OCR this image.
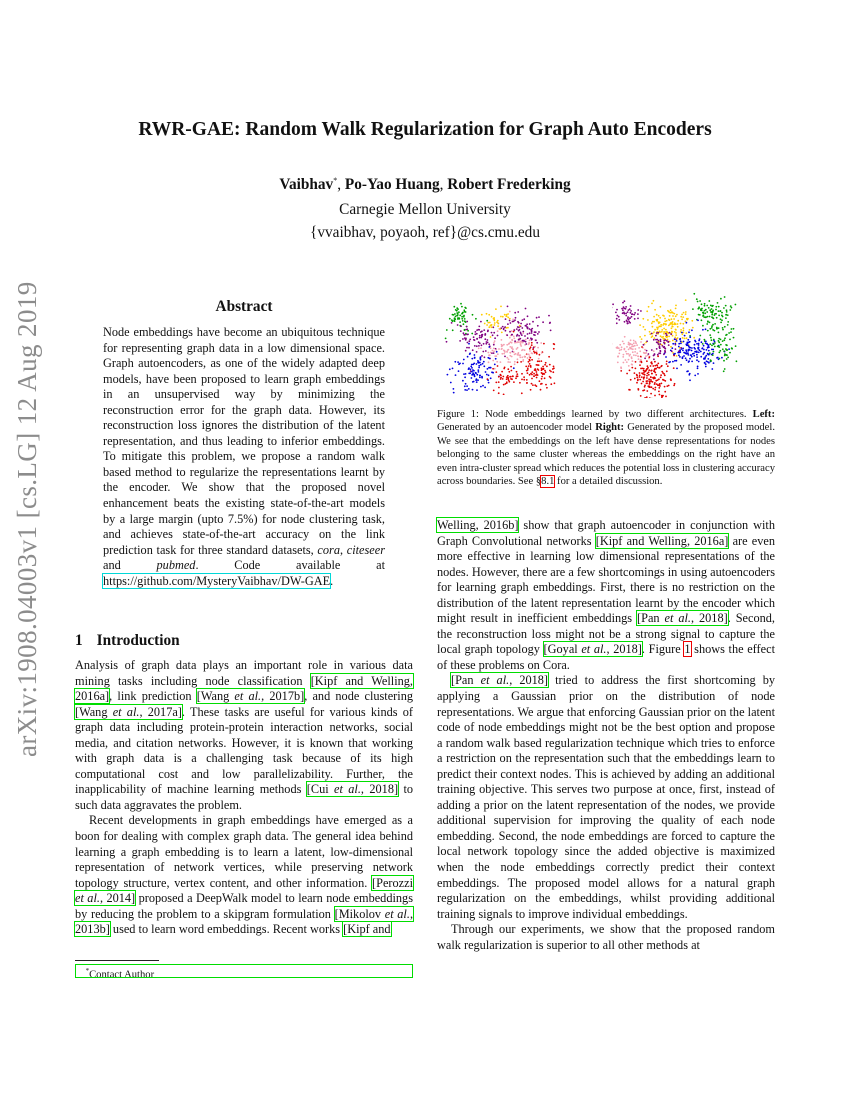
arXiv:1908.04003v1 [cs.LG] 12 Aug 2019
RWR-GAE: Random Walk Regularization for Graph Auto Encoders
Vaibhav*, Po-Yao Huang, Robert Frederking
Carnegie Mellon University
{vvaibhav, poyaoh, ref}@cs.cmu.edu
Abstract
Node embeddings have become an ubiquitous technique for representing graph data in a low dimensional space. Graph autoencoders, as one of the widely adapted deep models, have been proposed to learn graph embeddings in an unsupervised way by minimizing the reconstruction error for the graph data. However, its reconstruction loss ignores the distribution of the latent representation, and thus leading to inferior embeddings. To mitigate this problem, we propose a random walk based method to regularize the representations learnt by the encoder. We show that the proposed novel enhancement beats the existing state-of-the-art models by a large margin (upto 7.5%) for node clustering task, and achieves state-of-the-art accuracy on the link prediction task for three standard datasets, cora, citeseer and pubmed. Code available at https://github.com/MysteryVaibhav/DW-GAE.
1 Introduction

Analysis of graph data plays an important role in various data mining tasks including node classification [Kipf and Welling, 2016a], link prediction [Wang et al., 2017b], and node clustering [Wang et al., 2017a]. These tasks are useful for various kinds of graph data including protein-protein interaction networks, social media, and citation networks. However, it is known that working with graph data is a challenging task because of its high computational cost and low parallelizability. Further, the inapplicability of machine learning methods [Cui et al., 2018] to such data aggravates the problem.

Recent developments in graph embeddings have emerged as a boon for dealing with complex graph data. The general idea behind learning a graph embedding is to learn a latent, low-dimensional representation of network vertices, while preserving network topology structure, vertex content, and other information. [Perozzi et al., 2014] proposed a DeepWalk model to learn node embeddings by reducing the problem to a skipgram formulation [Mikolov et al., 2013b] used to learn word embeddings. Recent works [Kipf and

*Contact Author
Figure 1: Node embeddings learned by two different architectures. Left: Generated by an autoencoder model Right: Generated by the proposed model. We see that the embeddings on the left have dense representations for nodes belonging to the same cluster whereas the embeddings on the right have an even intra-cluster spread which reduces the potential loss in clustering accuracy across boundaries. See §8.1 for a detailed discussion.

Welling, 2016b] show that graph autoencoder in conjunction with Graph Convolutional networks [Kipf and Welling, 2016a] are even more effective in learning low dimensional representations of the nodes. However, there are a few shortcomings in using autoencoders for learning graph embeddings. First, there is no restriction on the distribution of the latent representation learnt by the encoder which might result in inefficient embeddings [Pan et al., 2018]. Second, the reconstruction loss might not be a strong signal to capture the local graph topology [Goyal et al., 2018]. Figure 1 shows the effect of these problems on Cora.

[Pan et al., 2018] tried to address the first shortcoming by applying a Gaussian prior on the distribution of node representations. We argue that enforcing Gaussian prior on the latent code of node embeddings might not be the best option and propose a random walk based regularization technique which tries to enforce a restriction on the representation such that the embeddings learn to predict their context nodes. This is achieved by adding an additional training objective. This serves two purpose at once, first, instead of adding a prior on the latent representation of the nodes, we provide additional supervision for improving the quality of each node embedding. Second, the node embeddings are forced to capture the local network topology since the added objective is maximized when the node embeddings correctly predict their context embeddings. The proposed model allows for a natural graph regularization on the embeddings, whilst providing additional training signals to improve individual embeddings.

Through our experiments, we show that the proposed random walk regularization is superior to all other methods at
